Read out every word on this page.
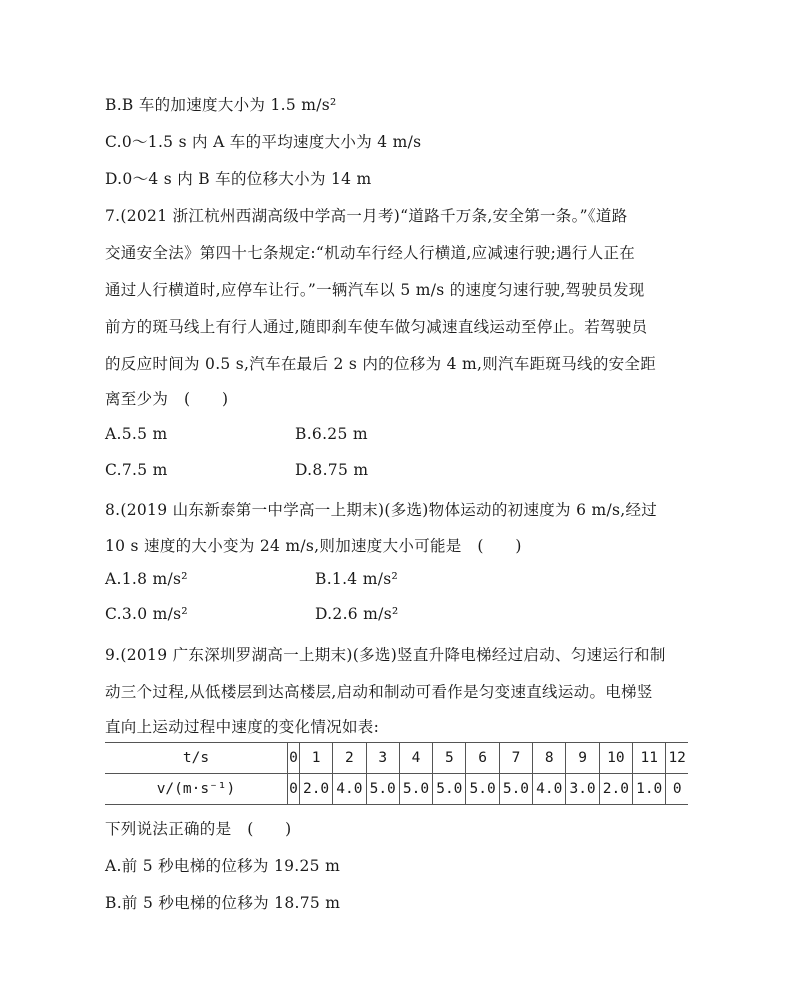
B.B 车的加速度大小为 1.5 m/s²
C.0～1.5 s 内 A 车的平均速度大小为 4 m/s
D.0～4 s 内 B 车的位移大小为 14 m
7.(2021 浙江杭州西湖高级中学高一月考)“道路千万条,安全第一条。”《道路
交通安全法》第四十七条规定:“机动车行经人行横道,应减速行驶;遇行人正在
通过人行横道时,应停车让行。”一辆汽车以 5 m/s 的速度匀速行驶,驾驶员发现
前方的斑马线上有行人通过,随即刹车使车做匀减速直线运动至停止。若驾驶员
的反应时间为 0.5 s,汽车在最后 2 s 内的位移为 4 m,则汽车距斑马线的安全距
离至少为　(　　)
A.5.5 m	B.6.25 m
C.7.5 m	D.8.75 m
8.(2019 山东新泰第一中学高一上期末)(多选)物体运动的初速度为 6 m/s,经过
10 s 速度的大小变为 24 m/s,则加速度大小可能是　(　　)
A.1.8 m/s²	B.1.4 m/s²
C.3.0 m/s²	D.2.6 m/s²
9.(2019 广东深圳罗湖高一上期末)(多选)竖直升降电梯经过启动、匀速运行和制
动三个过程,从低楼层到达高楼层,启动和制动可看作是匀变速直线运动。电梯竖
直向上运动过程中速度的变化情况如表:
t/s	0	1	2	3	4	5	6	7	8	9	10	11	12
v/(m·s⁻¹)	0	2.0	4.0	5.0	5.0	5.0	5.0	5.0	4.0	3.0	2.0	1.0	0
下列说法正确的是　(　　)
A.前 5 秒电梯的位移为 19.25 m
B.前 5 秒电梯的位移为 18.75 m
